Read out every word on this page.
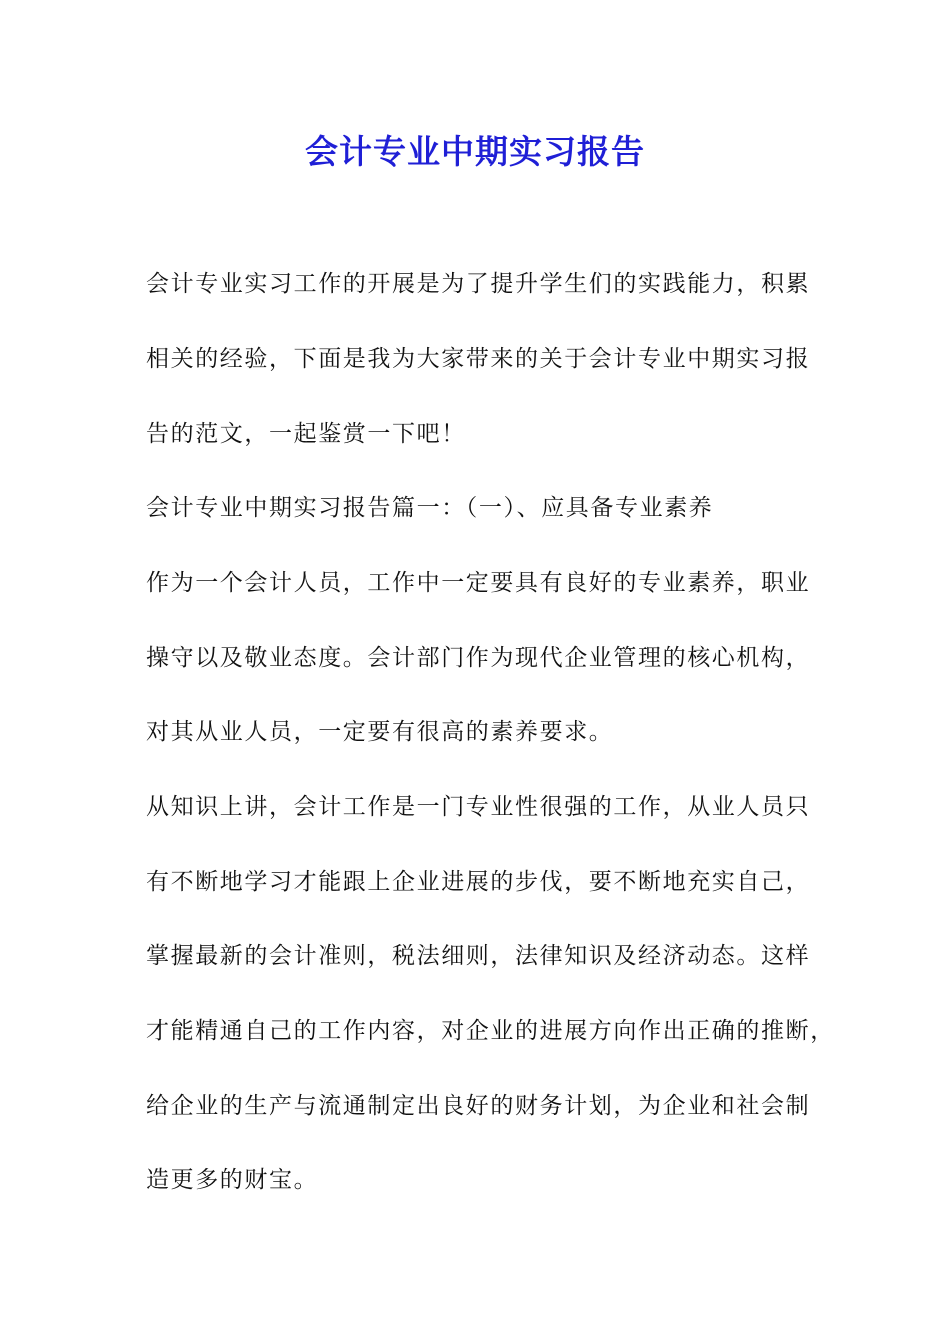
会计专业中期实习报告
会计专业实习工作的开展是为了提升学生们的实践能力，积累
相关的经验，下面是我为大家带来的关于会计专业中期实习报
告的范文，一起鉴赏一下吧！
会计专业中期实习报告篇一：（一）、应具备专业素养
作为一个会计人员，工作中一定要具有良好的专业素养，职业
操守以及敬业态度。会计部门作为现代企业管理的核心机构，
对其从业人员，一定要有很高的素养要求。
从知识上讲，会计工作是一门专业性很强的工作，从业人员只
有不断地学习才能跟上企业进展的步伐，要不断地充实自己，
掌握最新的会计准则，税法细则，法律知识及经济动态。这样
才能精通自己的工作内容，对企业的进展方向作出正确的推断，
给企业的生产与流通制定出良好的财务计划，为企业和社会制
造更多的财宝。
